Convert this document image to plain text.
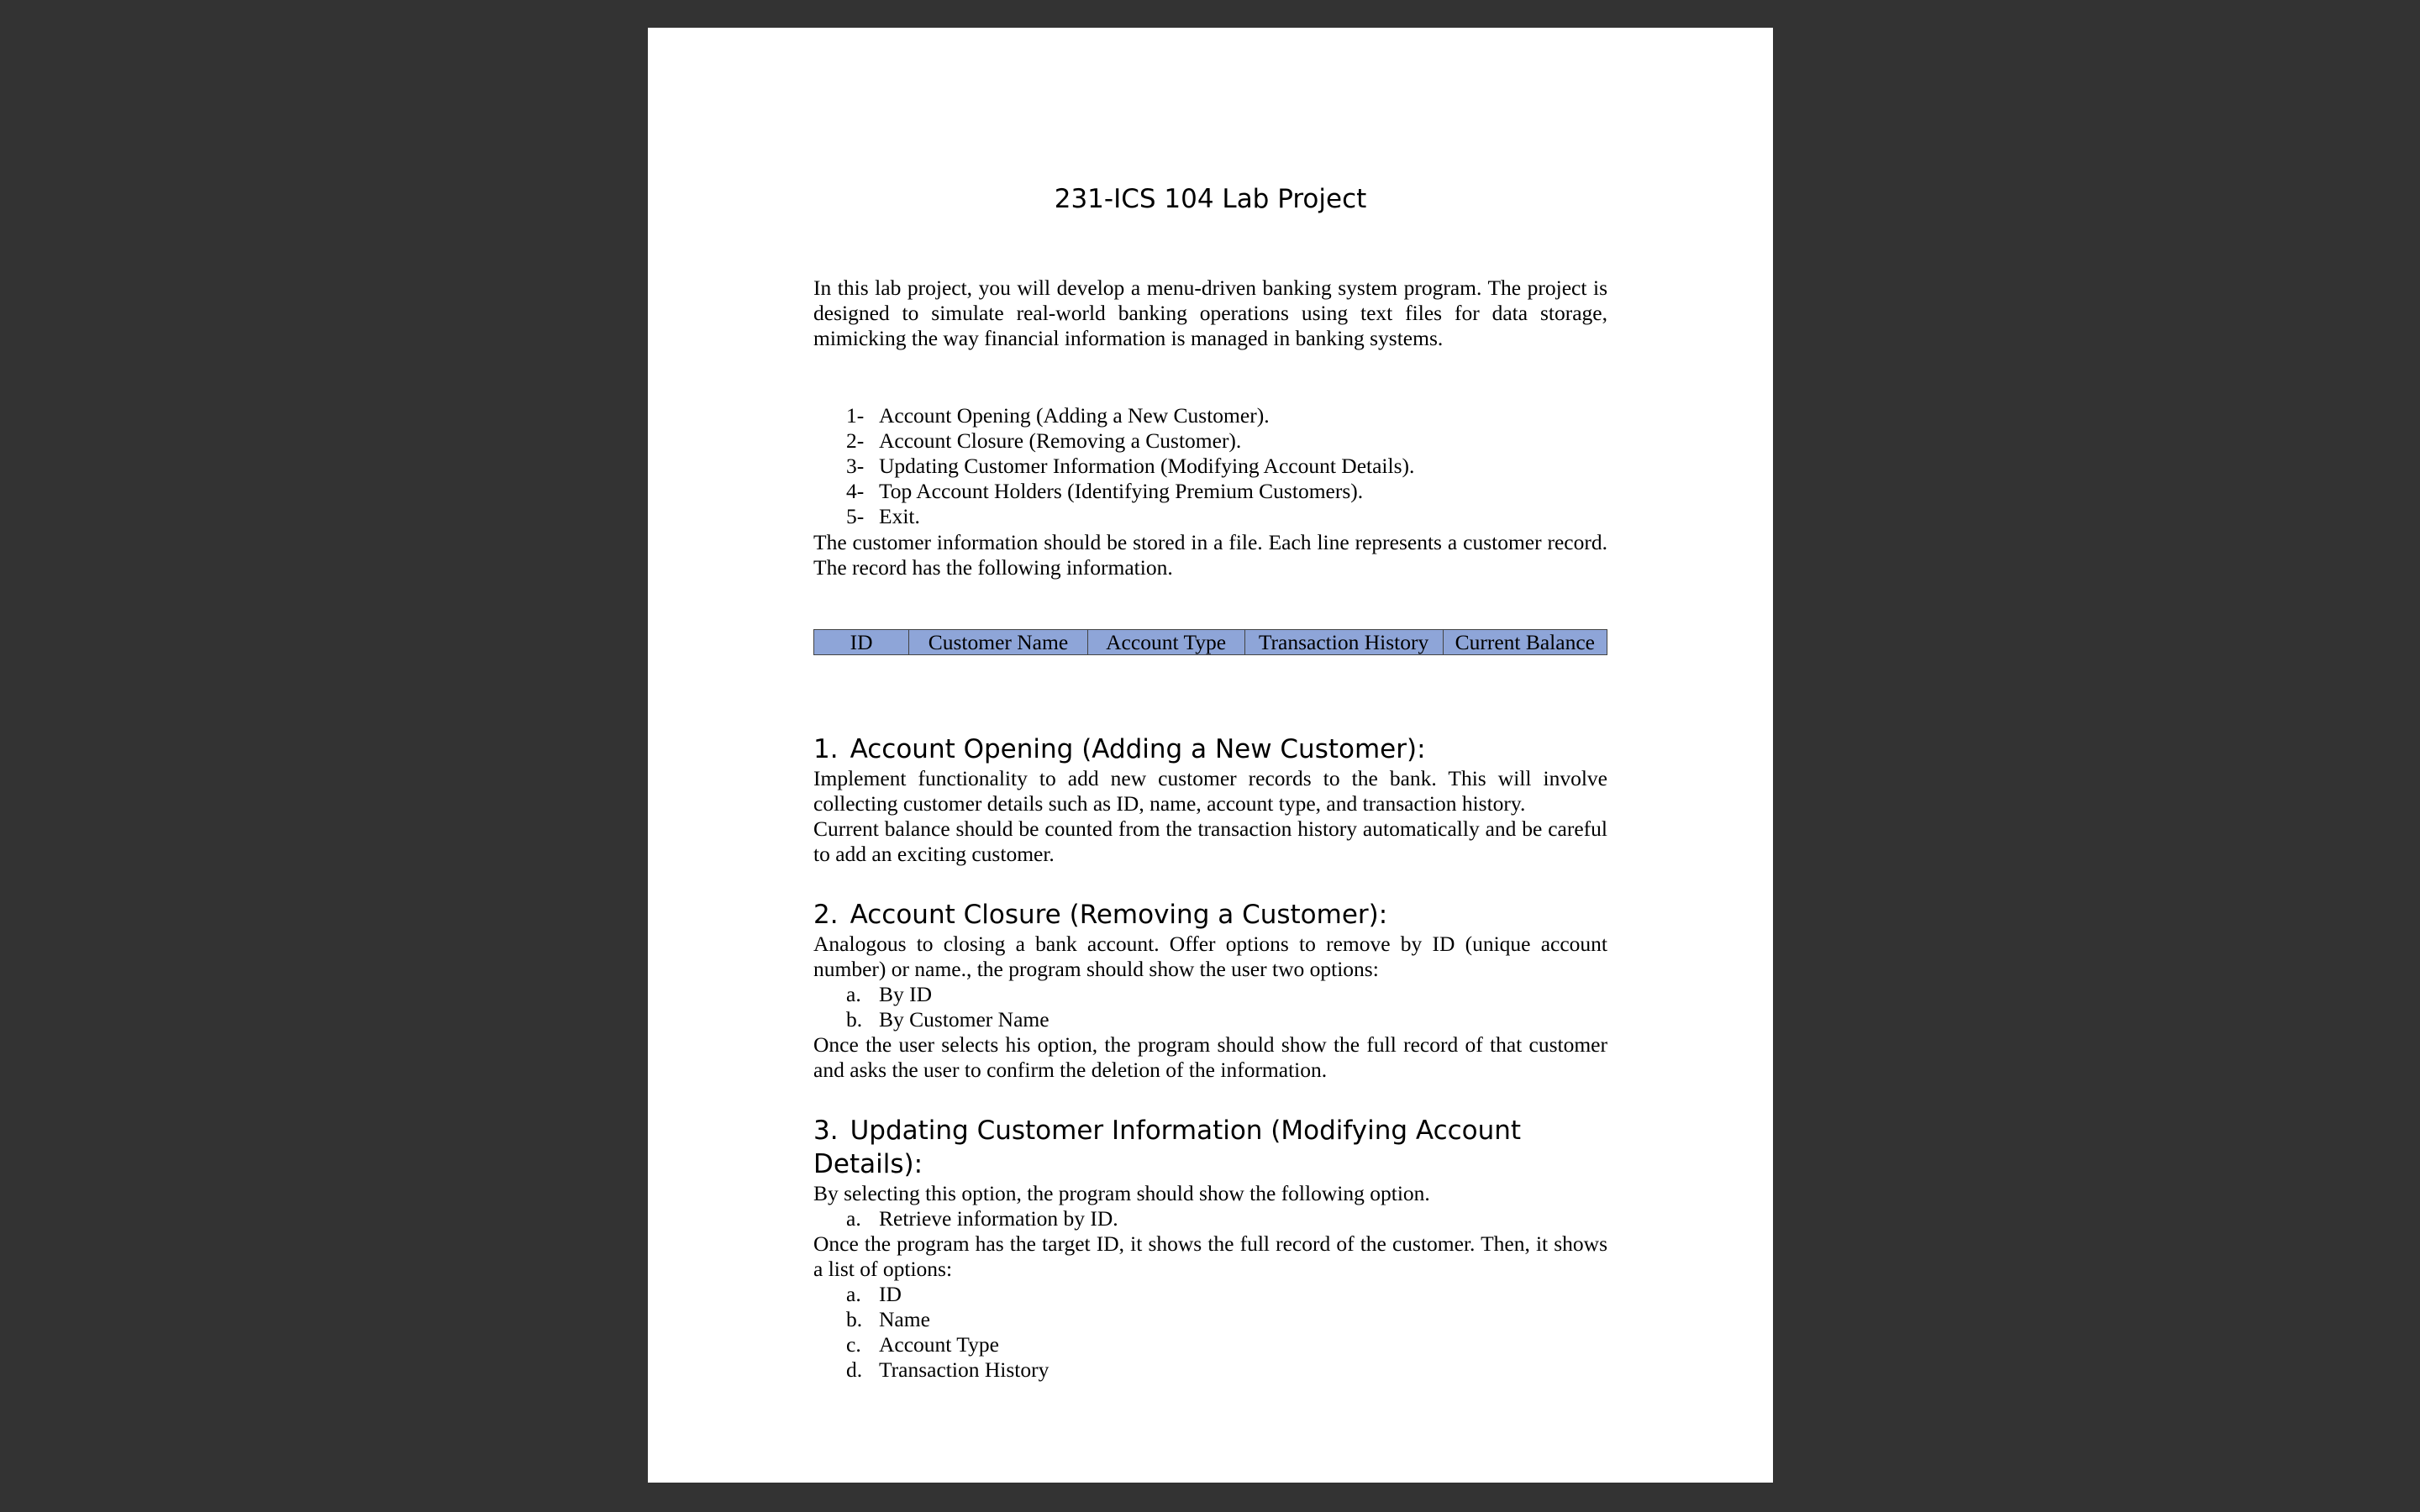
231-ICS 104 Lab Project

In this lab project, you will develop a menu-driven banking system program. The project is designed to simulate real-world banking operations using text files for data storage, mimicking the way financial information is managed in banking systems.

1- Account Opening (Adding a New Customer).
2- Account Closure (Removing a Customer).
3- Updating Customer Information (Modifying Account Details).
4- Top Account Holders (Identifying Premium Customers).
5- Exit.

The customer information should be stored in a file. Each line represents a customer record. The record has the following information.

ID	Customer Name	Account Type	Transaction History	Current Balance
1. Account Opening (Adding a New Customer):

Implement functionality to add new customer records to the bank. This will involve collecting customer details such as ID, name, account type, and transaction history.

Current balance should be counted from the transaction history automatically and be careful to add an exciting customer.

2. Account Closure (Removing a Customer):

Analogous to closing a bank account. Offer options to remove by ID (unique account number) or name., the program should show the user two options:

a. By ID
b. By Customer Name

Once the user selects his option, the program should show the full record of that customer and asks the user to confirm the deletion of the information.

3. Updating Customer Information (Modifying Account Details):

By selecting this option, the program should show the following option.

a. Retrieve information by ID.

Once the program has the target ID, it shows the full record of the customer. Then, it shows a list of options:

a. ID
b. Name
c. Account Type
d. Transaction History
